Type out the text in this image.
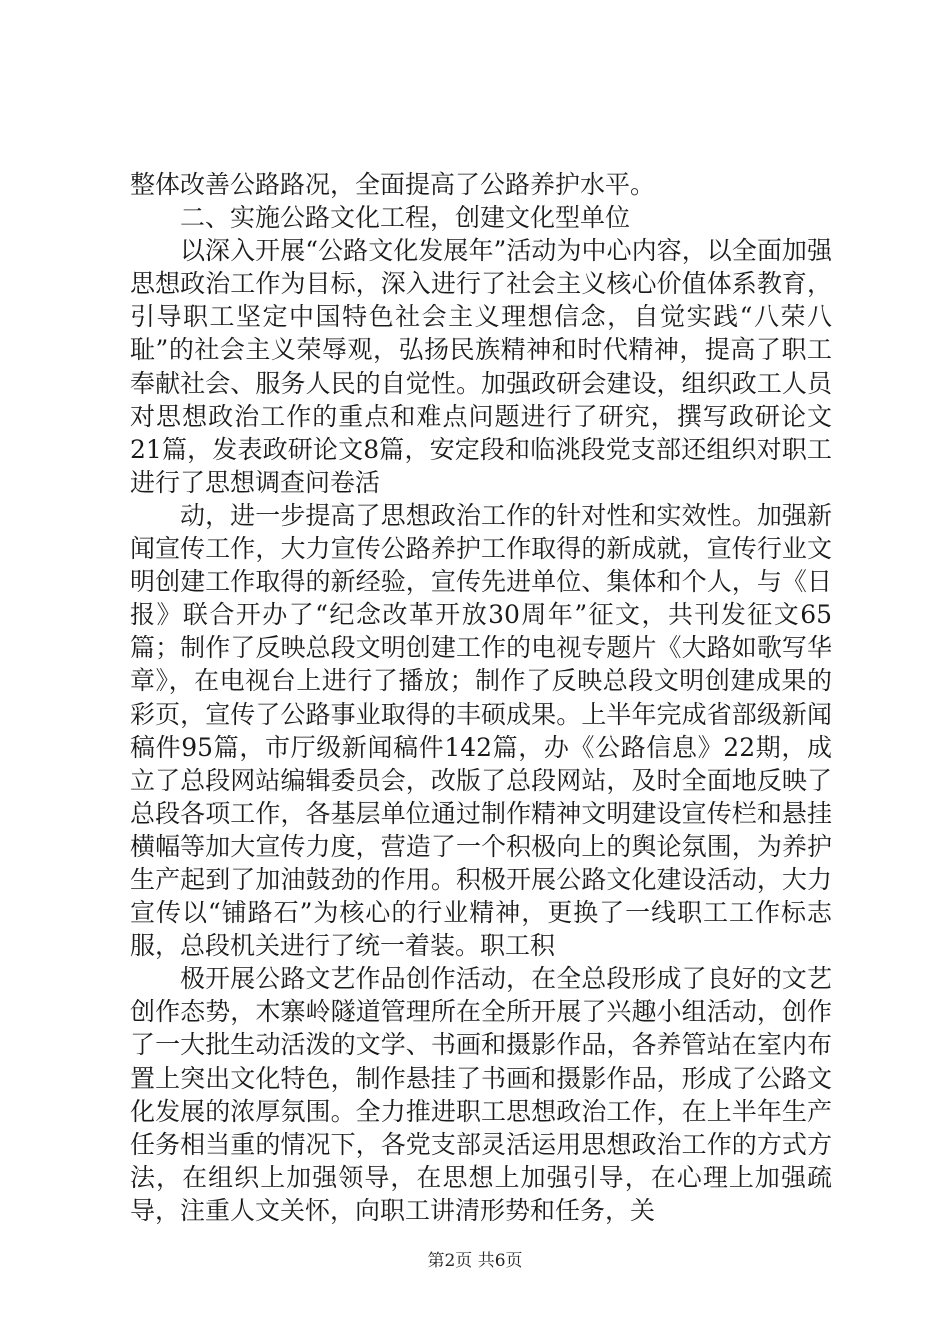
整体改善公路路况，全面提高了公路养护水平。

二、实施公路文化工程，创建文化型单位

以深入开展“公路文化发展年”活动为中心内容，以全面加强思想政治工作为目标，深入进行了社会主义核心价值体系教育，引导职工坚定中国特色社会主义理想信念，自觉实践“八荣八耻”的社会主义荣辱观，弘扬民族精神和时代精神，提高了职工奉献社会、服务人民的自觉性。加强政研会建设，组织政工人员对思想政治工作的重点和难点问题进行了研究，撰写政研论文21篇，发表政研论文8篇，安定段和临洮段党支部还组织对职工进行了思想调查问卷活

动，进一步提高了思想政治工作的针对性和实效性。加强新闻宣传工作，大力宣传公路养护工作取得的新成就，宣传行业文明创建工作取得的新经验，宣传先进单位、集体和个人，与《日报》联合开办了“纪念改革开放30周年”征文，共刊发征文65篇；制作了反映总段文明创建工作的电视专题片《大路如歌写华章》，在电视台上进行了播放；制作了反映总段文明创建成果的彩页，宣传了公路事业取得的丰硕成果。上半年完成省部级新闻稿件95篇，市厅级新闻稿件142篇，办《公路信息》22期，成立了总段网站编辑委员会，改版了总段网站，及时全面地反映了总段各项工作，各基层单位通过制作精神文明建设宣传栏和悬挂横幅等加大宣传力度，营造了一个积极向上的舆论氛围，为养护生产起到了加油鼓劲的作用。积极开展公路文化建设活动，大力宣传以“铺路石”为核心的行业精神，更换了一线职工工作标志服，总段机关进行了统一着装。职工积

极开展公路文艺作品创作活动，在全总段形成了良好的文艺创作态势，木寨岭隧道管理所在全所开展了兴趣小组活动，创作了一大批生动活泼的文学、书画和摄影作品，各养管站在室内布置上突出文化特色，制作悬挂了书画和摄影作品，形成了公路文化发展的浓厚氛围。全力推进职工思想政治工作，在上半年生产任务相当重的情况下，各党支部灵活运用思想政治工作的方式方法，在组织上加强领导，在思想上加强引导，在心理上加强疏导，注重人文关怀，向职工讲清形势和任务，关

第2页 共6页
